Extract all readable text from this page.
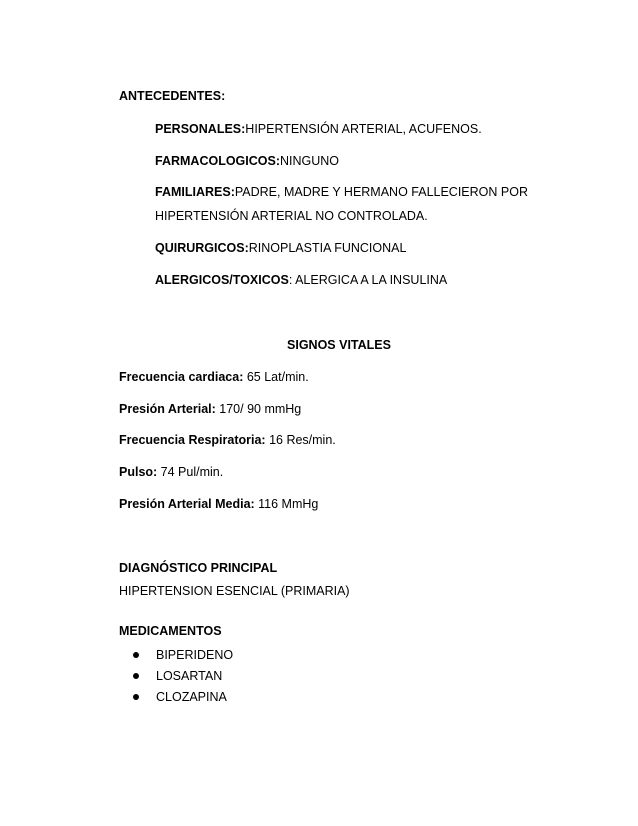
ANTECEDENTES:
PERSONALES:HIPERTENSIÓN ARTERIAL, ACUFENOS.
FARMACOLOGICOS:NINGUNO
FAMILIARES:PADRE, MADRE Y HERMANO FALLECIERON POR
HIPERTENSIÓN ARTERIAL NO CONTROLADA.
QUIRURGICOS:RINOPLASTIA FUNCIONAL
ALERGICOS/TOXICOS: ALERGICA A LA INSULINA
SIGNOS VITALES
Frecuencia cardiaca: 65 Lat/min.
Presión Arterial: 170/ 90 mmHg
Frecuencia Respiratoria: 16 Res/min.
Pulso: 74 Pul/min.
Presión Arterial Media: 116 MmHg
DIAGNÓSTICO PRINCIPAL
HIPERTENSION ESENCIAL (PRIMARIA)
MEDICAMENTOS
BIPERIDENO
LOSARTAN
CLOZAPINA
